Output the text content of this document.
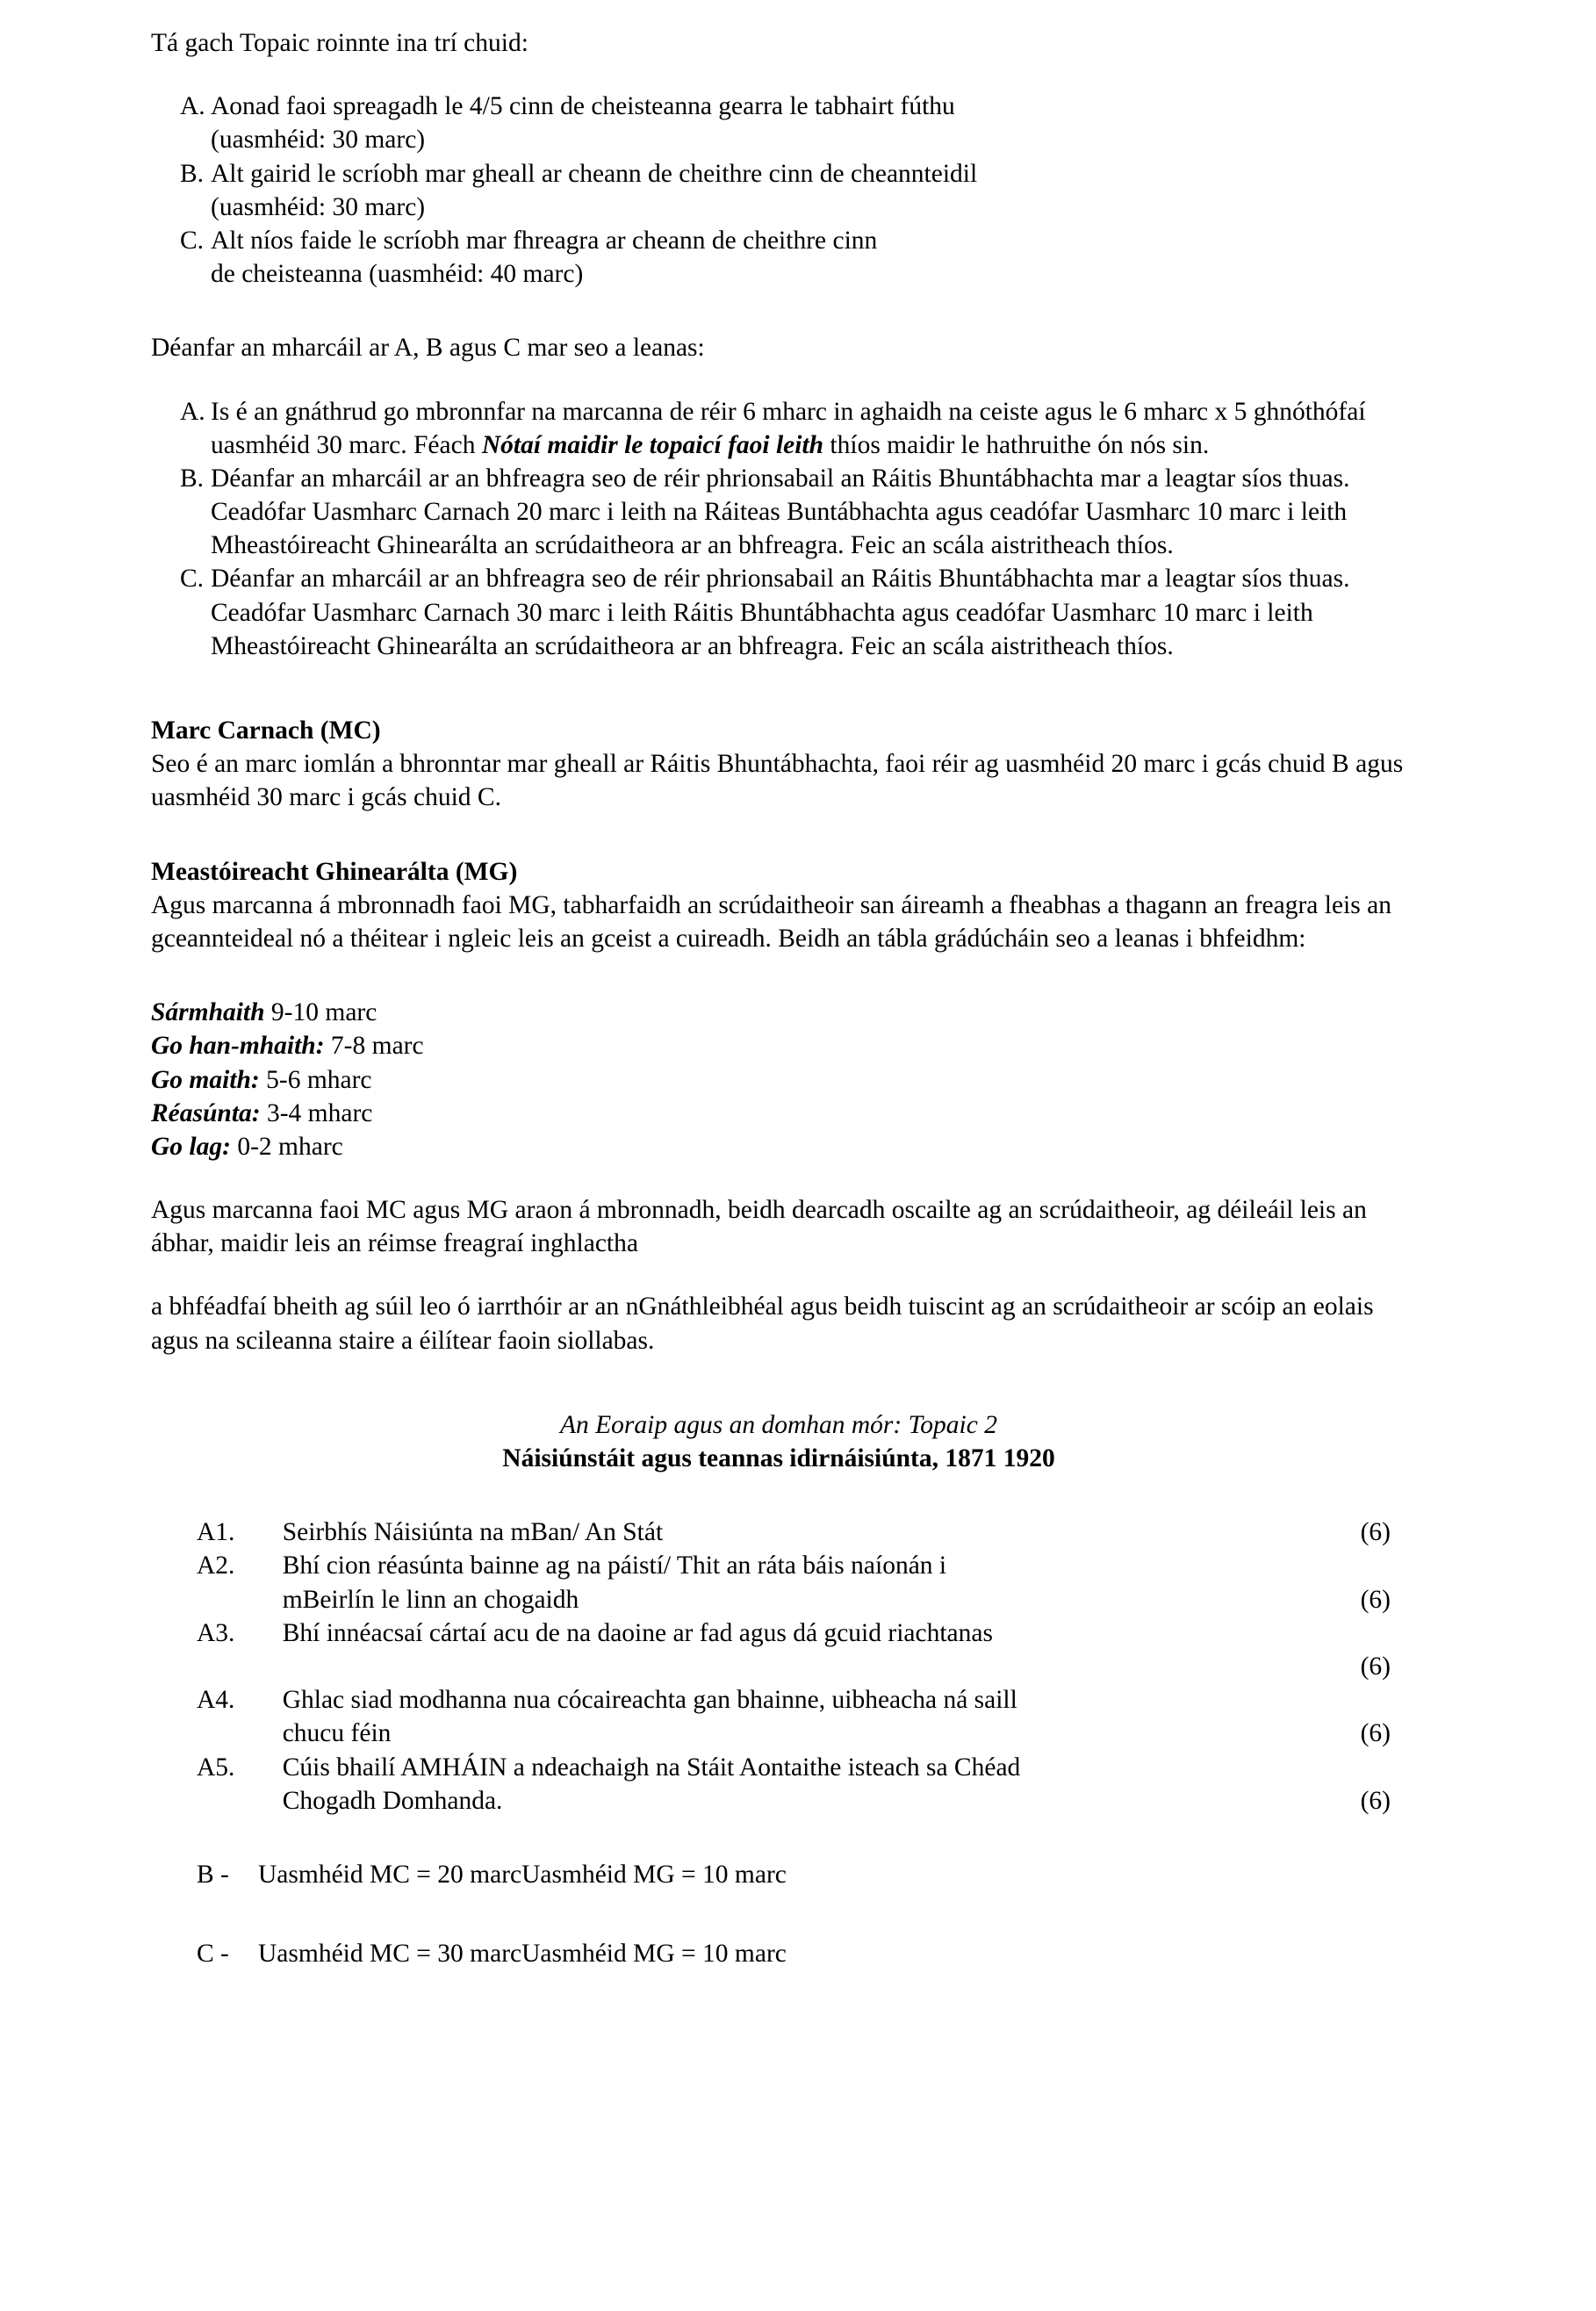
Tá gach Topaic roinnte ina trí chuid:

A. Aonad faoi spreagadh le 4/5 cinn de cheisteanna gearra le tabhairt fúthu
(uasmhéid: 30 marc)
B. Alt gairid le scríobh mar gheall ar cheann de cheithre cinn de cheannteidil
(uasmhéid: 30 marc)
C. Alt níos faide le scríobh mar fhreagra ar cheann de cheithre cinn
de cheisteanna (uasmhéid: 40 marc)

Déanfar an mharcáil ar A, B agus C mar seo a leanas:

A. Is é an gnáthrud go mbronnfar na marcanna de réir 6 mharc in aghaidh na ceiste agus le 6 mharc x 5 ghnóthófaí uasmhéid 30 marc. Féach Nótaí maidir le topaicí faoi leith thíos maidir le hathruithe ón nós sin.
B. Déanfar an mharcáil ar an bhfreagra seo de réir phrionsabail an Ráitis Bhuntábhachta mar a leagtar síos thuas. Ceadófar Uasmharc Carnach 20 marc i leith na Ráiteas Buntábhachta agus ceadófar Uasmharc 10 marc i leith Mheastóireacht Ghinearálta an scrúdaitheora ar an bhfreagra. Feic an scála aistritheach thíos.
C. Déanfar an mharcáil ar an bhfreagra seo de réir phrionsabail an Ráitis Bhuntábhachta mar a leagtar síos thuas. Ceadófar Uasmharc Carnach 30 marc i leith Ráitis Bhuntábhachta agus ceadófar Uasmharc 10 marc i leith Mheastóireacht Ghinearálta an scrúdaitheora ar an bhfreagra. Feic an scála aistritheach thíos.

Marc Carnach (MC)

Seo é an marc iomlán a bhronntar mar gheall ar Ráitis Bhuntábhachta, faoi réir ag uasmhéid 20 marc i gcás chuid B agus uasmhéid 30 marc i gcás chuid C.

Meastóireacht Ghinearálta (MG)

Agus marcanna á mbronnadh faoi MG, tabharfaidh an scrúdaitheoir san áireamh a fheabhas a thagann an freagra leis an gceannteideal nó a théitear i ngleic leis an gceist a cuireadh. Beidh an tábla grádúcháin seo a leanas i bhfeidhm:

Sármhaith 9-10 marc
Go han-mhaith: 7-8 marc
Go maith: 5-6 mharc
Réasúnta: 3-4 mharc
Go lag: 0-2 mharc

Agus marcanna faoi MC agus MG araon á mbronnadh, beidh dearcadh oscailte ag an scrúdaitheoir, ag déileáil leis an ábhar, maidir leis an réimse freagraí inghlactha

a bhféadfaí bheith ag súil leo ó iarrthóir ar an nGnáthleibhéal agus beidh tuiscint ag an scrúdaitheoir ar scóip an eolais agus na scileanna staire a éilítear faoin siollabas.

An Eoraip agus an domhan mór: Topaic 2

Náisiúnstáit agus teannas idirnáisiúnta, 1871 1920

A1.	Seirbhís Náisiúnta na mBan/ An Stát	(6)
A2.	Bhí cion réasúnta bainne ag na páistí/ Thit an ráta báis naíonán i
mBeirlín le linn an chogaidh	(6)
A3.	Bhí innéacsaí cártaí acu de na daoine ar fad agus dá gcuid riachtanas	
		(6)
A4.	Ghlac siad modhanna nua cócaireachta gan bhainne, uibheacha ná saill
chucu féin	(6)
A5.	Cúis bhailí AMHÁIN a ndeachaigh na Stáit Aontaithe isteach sa Chéad
Chogadh Domhanda.	(6)
B -	Uasmhéid MC = 20 marc	Uasmhéid MG = 10 marc

C -	Uasmhéid MC = 30 marc	Uasmhéid MG = 10 marc
